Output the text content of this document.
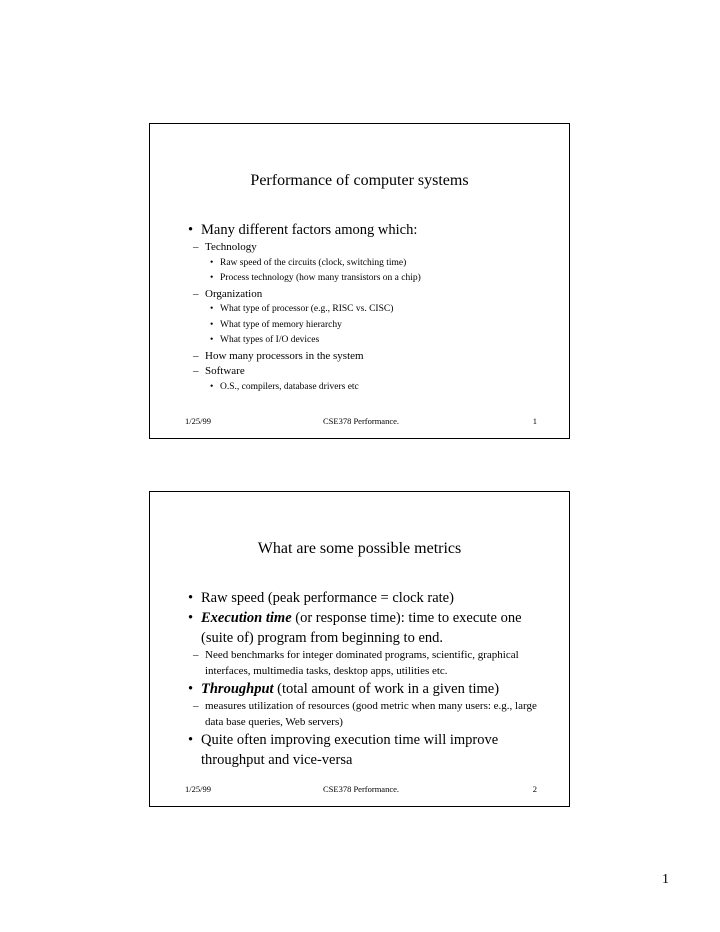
Performance of computer systems
• Many different factors among which:
– Technology
• Raw speed of the circuits (clock, switching time)
• Process technology (how many transistors on a chip)
– Organization
• What type of processor (e.g., RISC vs. CISC)
• What type of memory hierarchy
• What types of I/O devices
– How many processors in the system
– Software
• O.S., compilers, database drivers etc
1/25/99	CSE378 Performance.	1
What are some possible metrics
• Raw speed (peak performance = clock rate)
• Execution time (or response time): time to execute one (suite of) program from beginning to end.
– Need benchmarks for integer dominated programs, scientific, graphical interfaces, multimedia tasks, desktop apps, utilities etc.
• Throughput (total amount of work in a given time)
– measures utilization of resources (good metric when many users: e.g., large data base queries, Web servers)
• Quite often improving execution time will improve throughput and vice-versa
1/25/99	CSE378 Performance.	2
1
